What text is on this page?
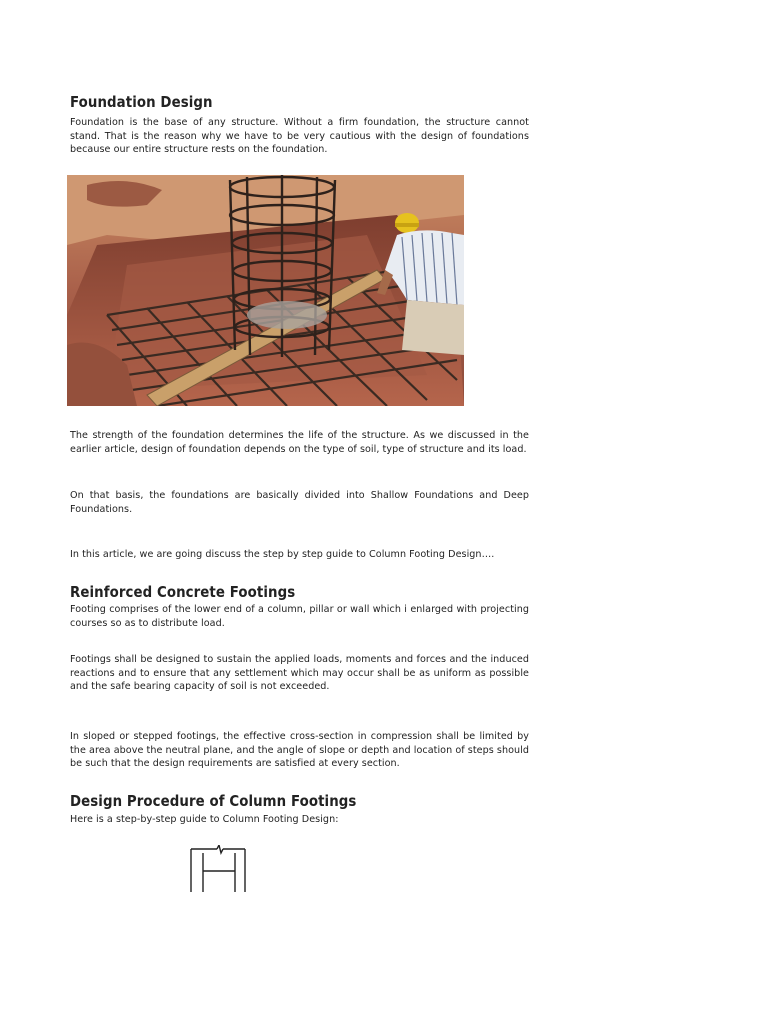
Foundation Design
Foundation is the base of any structure. Without a firm foundation, the structure cannot stand. That is the reason why we have to be very cautious with the design of foundations because our entire structure rests on the foundation.
The strength of the foundation determines the life of the structure. As we discussed in the earlier article, design of foundation depends on the type of soil, type of structure and its load.
On that basis, the foundations are basically divided into Shallow Foundations and Deep Foundations.
In this article, we are going discuss the step by step guide to Column Footing Design….
Reinforced Concrete Footings
Footing comprises of the lower end of a column, pillar or wall which i enlarged with projecting courses so as to distribute load.
Footings shall be designed to sustain the applied loads, moments and forces and the induced reactions and to ensure that any settlement which may occur shall be as uniform as possible and the safe bearing capacity of soil is not exceeded.
In sloped or stepped footings, the effective cross-section in compression shall be limited by the area above the neutral plane, and the angle of slope or depth and location of steps should be such that the design requirements are satisfied at every section.
Design Procedure of Column Footings
Here is a step-by-step guide to Column Footing Design:
